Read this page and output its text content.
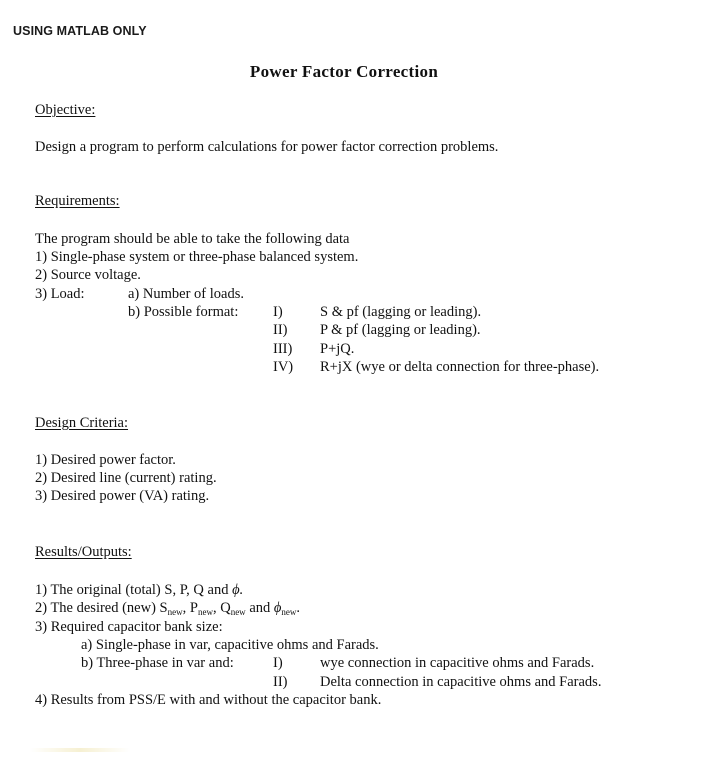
USING MATLAB ONLY
Power Factor Correction
Objective:
Design a program to perform calculations for power factor correction problems.
Requirements:
The program should be able to take the following data
1) Single-phase system or three-phase balanced system.
2) Source voltage.
3) Load:	a) Number of loads.
b) Possible format: I)	S & pf (lagging or leading).
II) P & pf (lagging or leading).
III) P+jQ.
IV) R+jX (wye or delta connection for three-phase).
Design Criteria:
1) Desired power factor.
2) Desired line (current) rating.
3) Desired power (VA) rating.
Results/Outputs:
1) The original (total) S, P, Q and ϕ.
2) The desired (new) $S_{new}$, $P_{new}$, $Q_{new}$ and $\phi_{new}$.
3) Required capacitor bank size:
a) Single-phase in var, capacitive ohms and Farads.
b) Three-phase in var and:	I)	wye connection in capacitive ohms and Farads.
II) Delta connection in capacitive ohms and Farads.
4) Results from PSS/E with and without the capacitor bank.
